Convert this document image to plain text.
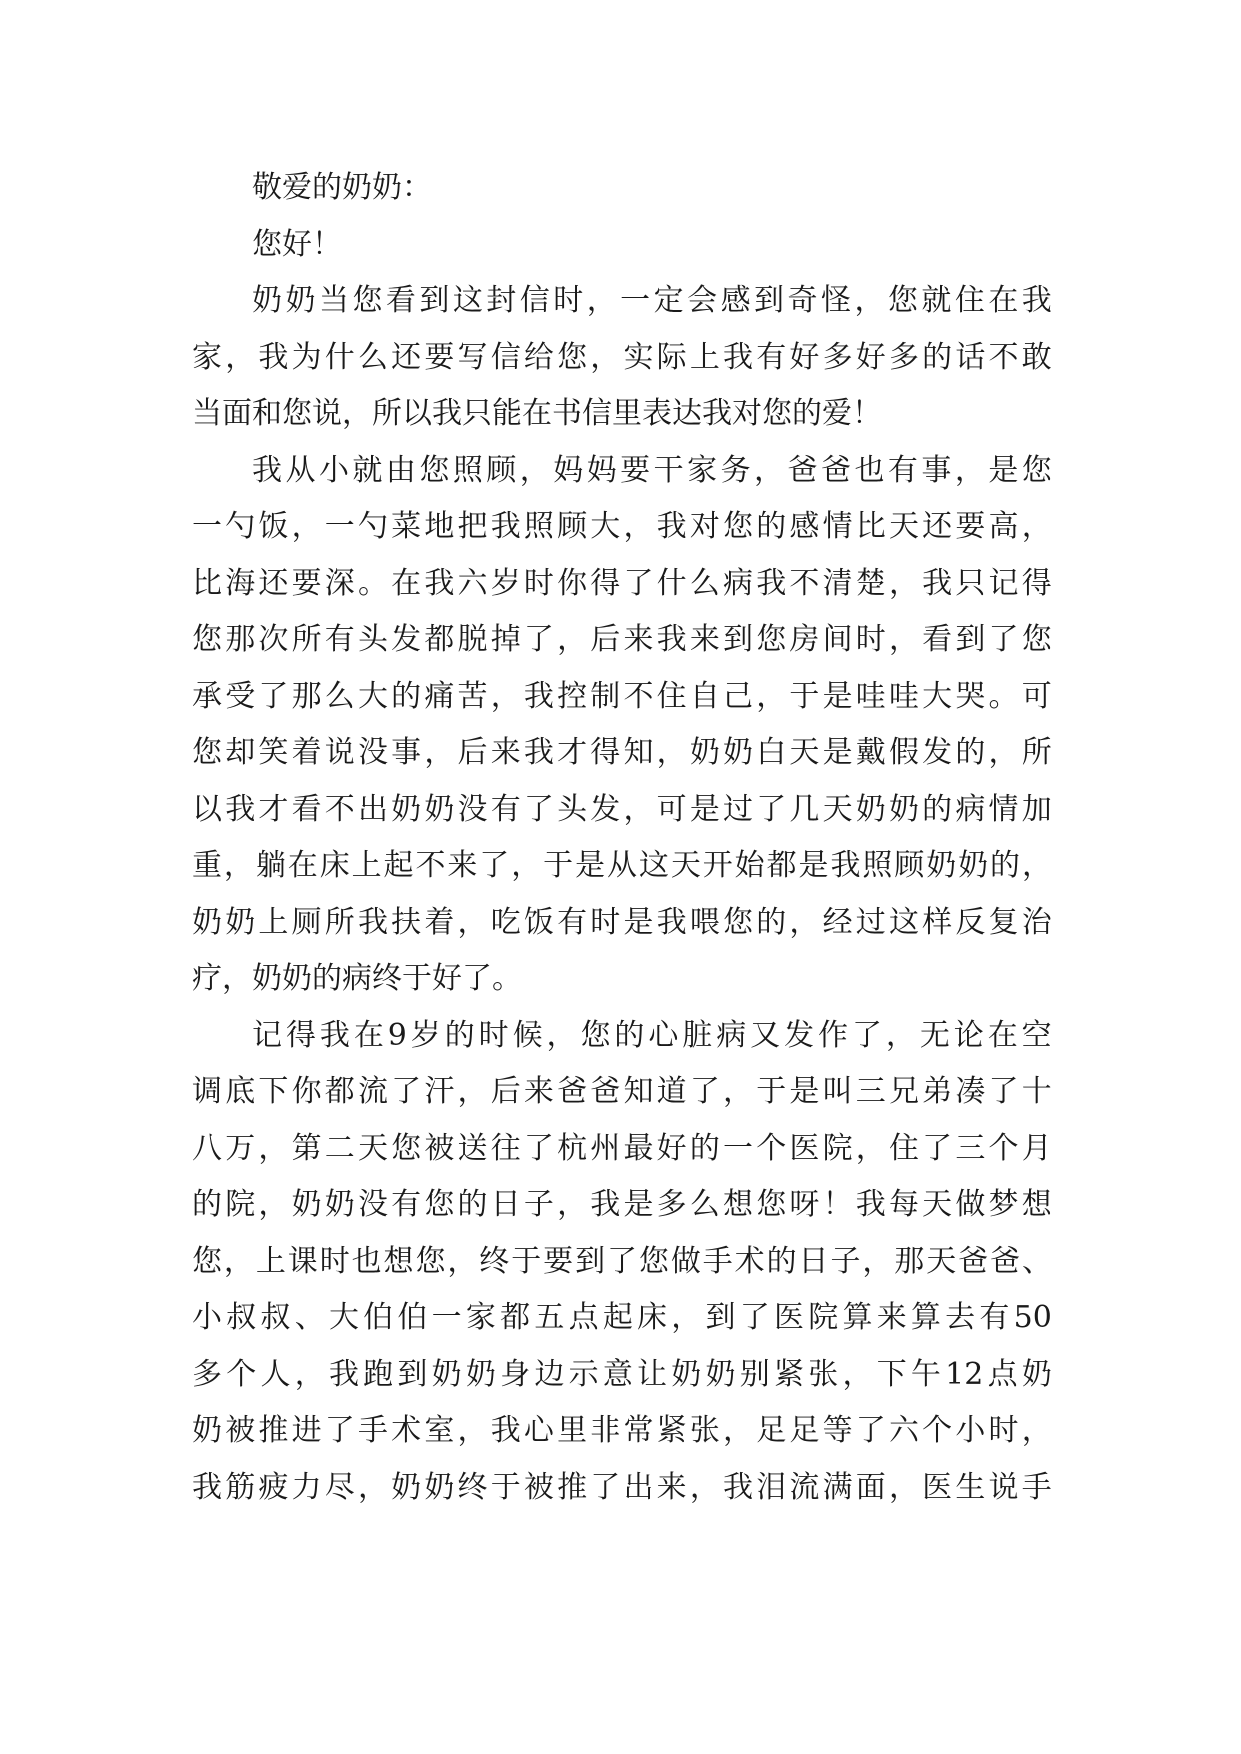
敬爱的奶奶：
您好！
奶 奶 当 您 看 到 这 封 信 时 ， 一 定 会 感 到 奇 怪 ， 您 就 住 在 我
家 ， 我 为 什 么 还 要 写 信 给 您 ， 实 际 上 我 有 好 多 好 多 的 话 不 敢
当面和您说，所以我只能在书信里表达我对您的爱！
我 从 小 就 由 您 照 顾 ， 妈 妈 要 干 家 务 ， 爸 爸 也 有 事 ， 是 您
一 勺 饭 ， 一 勺 菜 地 把 我 照 顾 大 ， 我 对 您 的 感 情 比 天 还 要 高 ，
比 海 还 要 深 。 在 我 六 岁 时 你 得 了 什 么 病 我 不 清 楚 ， 我 只 记 得
您 那 次 所 有 头 发 都 脱 掉 了 ， 后 来 我 来 到 您 房 间 时 ， 看 到 了 您
承 受 了 那 么 大 的 痛 苦 ， 我 控 制 不 住 自 己 ， 于 是 哇 哇 大 哭 。 可
您 却 笑 着 说 没 事 ， 后 来 我 才 得 知 ， 奶 奶 白 天 是 戴 假 发 的 ， 所
以 我 才 看 不 出 奶 奶 没 有 了 头 发 ， 可 是 过 了 几 天 奶 奶 的 病 情 加
重 ， 躺 在 床 上 起 不 来 了 ， 于 是 从 这 天 开 始 都 是 我 照 顾 奶 奶 的 ，
奶 奶 上 厕 所 我 扶 着 ， 吃 饭 有 时 是 我 喂 您 的 ， 经 过 这 样 反 复 治
疗，奶奶的病终于好了。
记 得 我 在 9 岁 的 时 候 ， 您 的 心 脏 病 又 发 作 了 ， 无 论 在 空
调 底 下 你 都 流 了 汗 ， 后 来 爸 爸 知 道 了 ， 于 是 叫 三 兄 弟 凑 了 十
八 万 ， 第 二 天 您 被 送 往 了 杭 州 最 好 的 一 个 医 院 ， 住 了 三 个 月
的 院 ， 奶 奶 没 有 您 的 日 子 ， 我 是 多 么 想 您 呀 ！ 我 每 天 做 梦 想
您 ， 上 课 时 也 想 您 ， 终 于 要 到 了 您 做 手 术 的 日 子 ， 那 天 爸 爸 、
小 叔 叔 、 大 伯 伯 一 家 都 五 点 起 床 ， 到 了 医 院 算 来 算 去 有 50
多 个 人 ， 我 跑 到 奶 奶 身 边 示 意 让 奶 奶 别 紧 张 ， 下 午 12 点 奶
奶 被 推 进 了 手 术 室 ， 我 心 里 非 常 紧 张 ， 足 足 等 了 六 个 小 时 ，
我 筋 疲 力 尽 ， 奶 奶 终 于 被 推 了 出 来 ， 我 泪 流 满 面 ， 医 生 说 手
